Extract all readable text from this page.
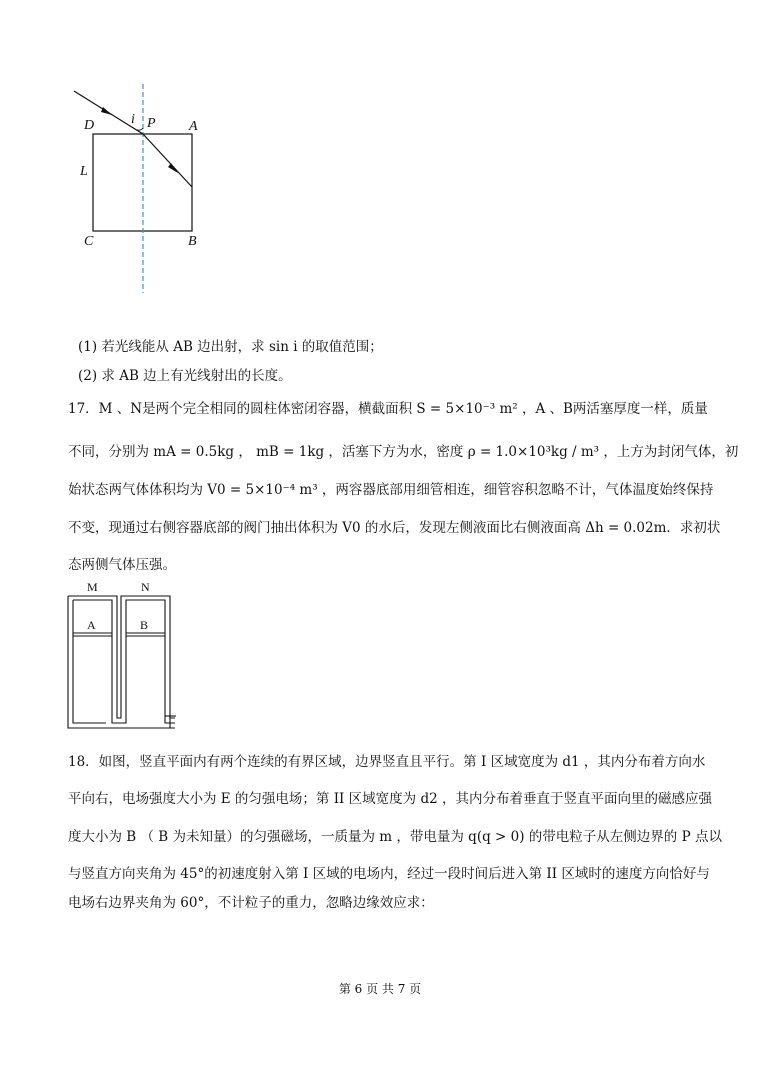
D	i P A
L
C	B
(1) 若光线能从 AB 边出射，求 sin i 的取值范围；
(2) 求 AB 边上有光线射出的长度。
17．M 、N是两个完全相同的圆柱体密闭容器，横截面积 S = 5×10⁻³ m² ，A 、B两活塞厚度一样，质量
不同，分别为 mA = 0.5kg ， mB = 1kg ，活塞下方为水，密度 ρ = 1.0×10³kg / m³ ，上方为封闭气体，初
始状态两气体体积均为 V0 = 5×10⁻⁴ m³ ，两容器底部用细管相连，细管容积忽略不计，气体温度始终保持
不变，现通过右侧容器底部的阀门抽出体积为 V0 的水后，发现左侧液面比右侧液面高 Δh = 0.02m．求初状
态两侧气体压强。
M	N
A	B
18．如图，竖直平面内有两个连续的有界区域，边界竖直且平行。第 I 区域宽度为 d1 ，其内分布着方向水
平向右，电场强度大小为 E 的匀强电场；第 II 区域宽度为 d2 ，其内分布着垂直于竖直平面向里的磁感应强
度大小为 B （ B 为未知量）的匀强磁场，一质量为 m ，带电量为 q(q > 0) 的带电粒子从左侧边界的 P 点以
与竖直方向夹角为 45°的初速度射入第 I 区域的电场内，经过一段时间后进入第 II 区域时的速度方向恰好与
电场右边界夹角为 60°，不计粒子的重力，忽略边缘效应求：
第 6 页 共 7 页
